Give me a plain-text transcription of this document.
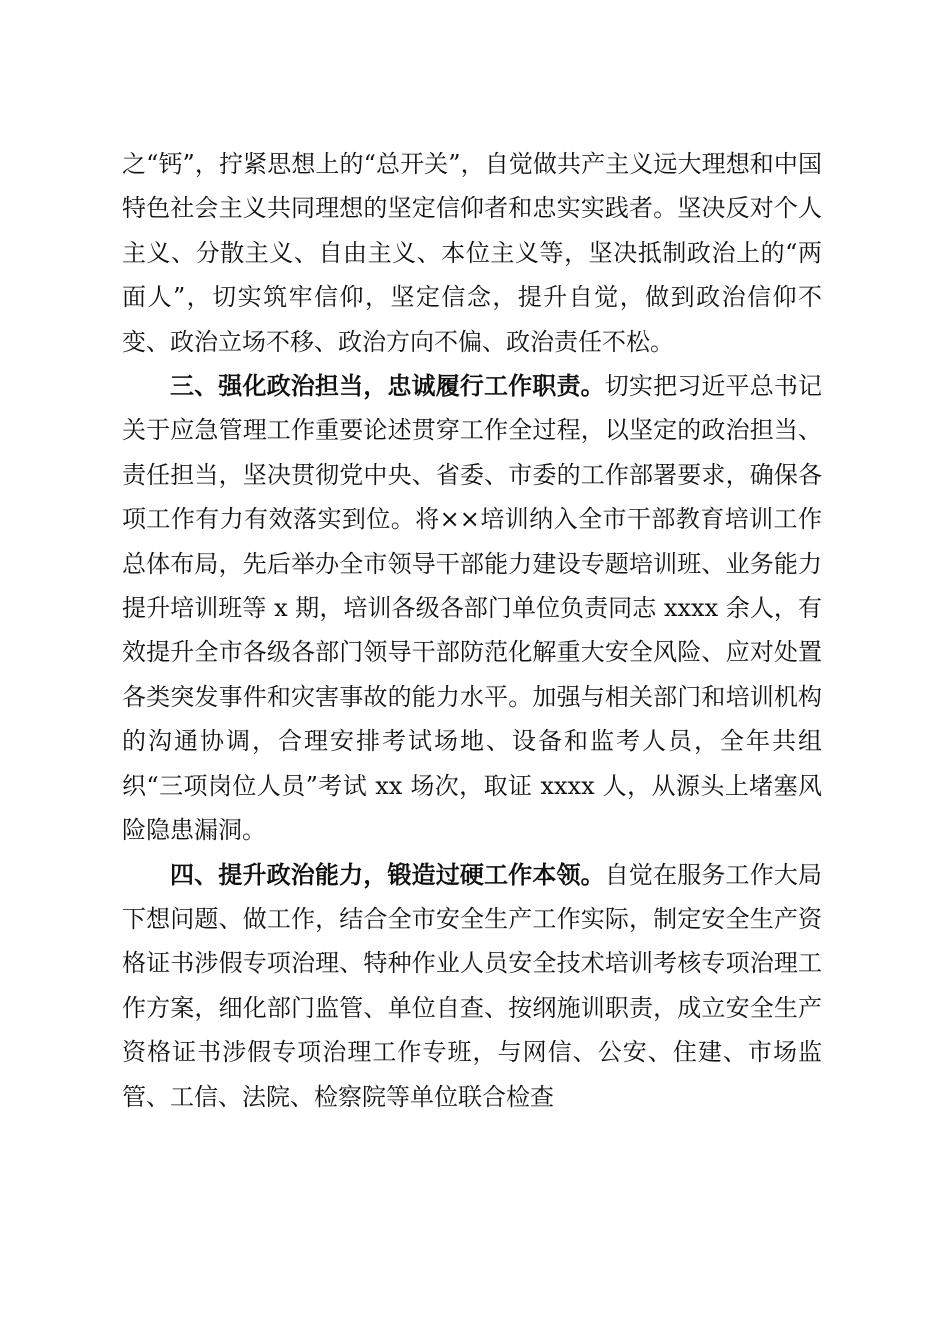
之“钙”，拧紧思想上的“总开关”，自觉做共产主义远大理想和中国特色社会主义共同理想的坚定信仰者和忠实实践者。坚决反对个人主义、分散主义、自由主义、本位主义等，坚决抵制政治上的“两面人”，切实筑牢信仰，坚定信念，提升自觉，做到政治信仰不变、政治立场不移、政治方向不偏、政治责任不松。

三、强化政治担当，忠诚履行工作职责。切实把习近平总书记关于应急管理工作重要论述贯穿工作全过程，以坚定的政治担当、责任担当，坚决贯彻党中央、省委、市委的工作部署要求，确保各项工作有力有效落实到位。将××培训纳入全市干部教育培训工作总体布局，先后举办全市领导干部能力建设专题培训班、业务能力提升培训班等 x 期，培训各级各部门单位负责同志 xxxx 余人，有效提升全市各级各部门领导干部防范化解重大安全风险、应对处置各类突发事件和灾害事故的能力水平。加强与相关部门和培训机构的沟通协调，合理安排考试场地、设备和监考人员，全年共组织“三项岗位人员”考试 xx 场次，取证 xxxx 人，从源头上堵塞风险隐患漏洞。

四、提升政治能力，锻造过硬工作本领。自觉在服务工作大局下想问题、做工作，结合全市安全生产工作实际，制定安全生产资格证书涉假专项治理、特种作业人员安全技术培训考核专项治理工作方案，细化部门监管、单位自查、按纲施训职责，成立安全生产资格证书涉假专项治理工作专班，与网信、公安、住建、市场监管、工信、法院、检察院等单位联合检查
